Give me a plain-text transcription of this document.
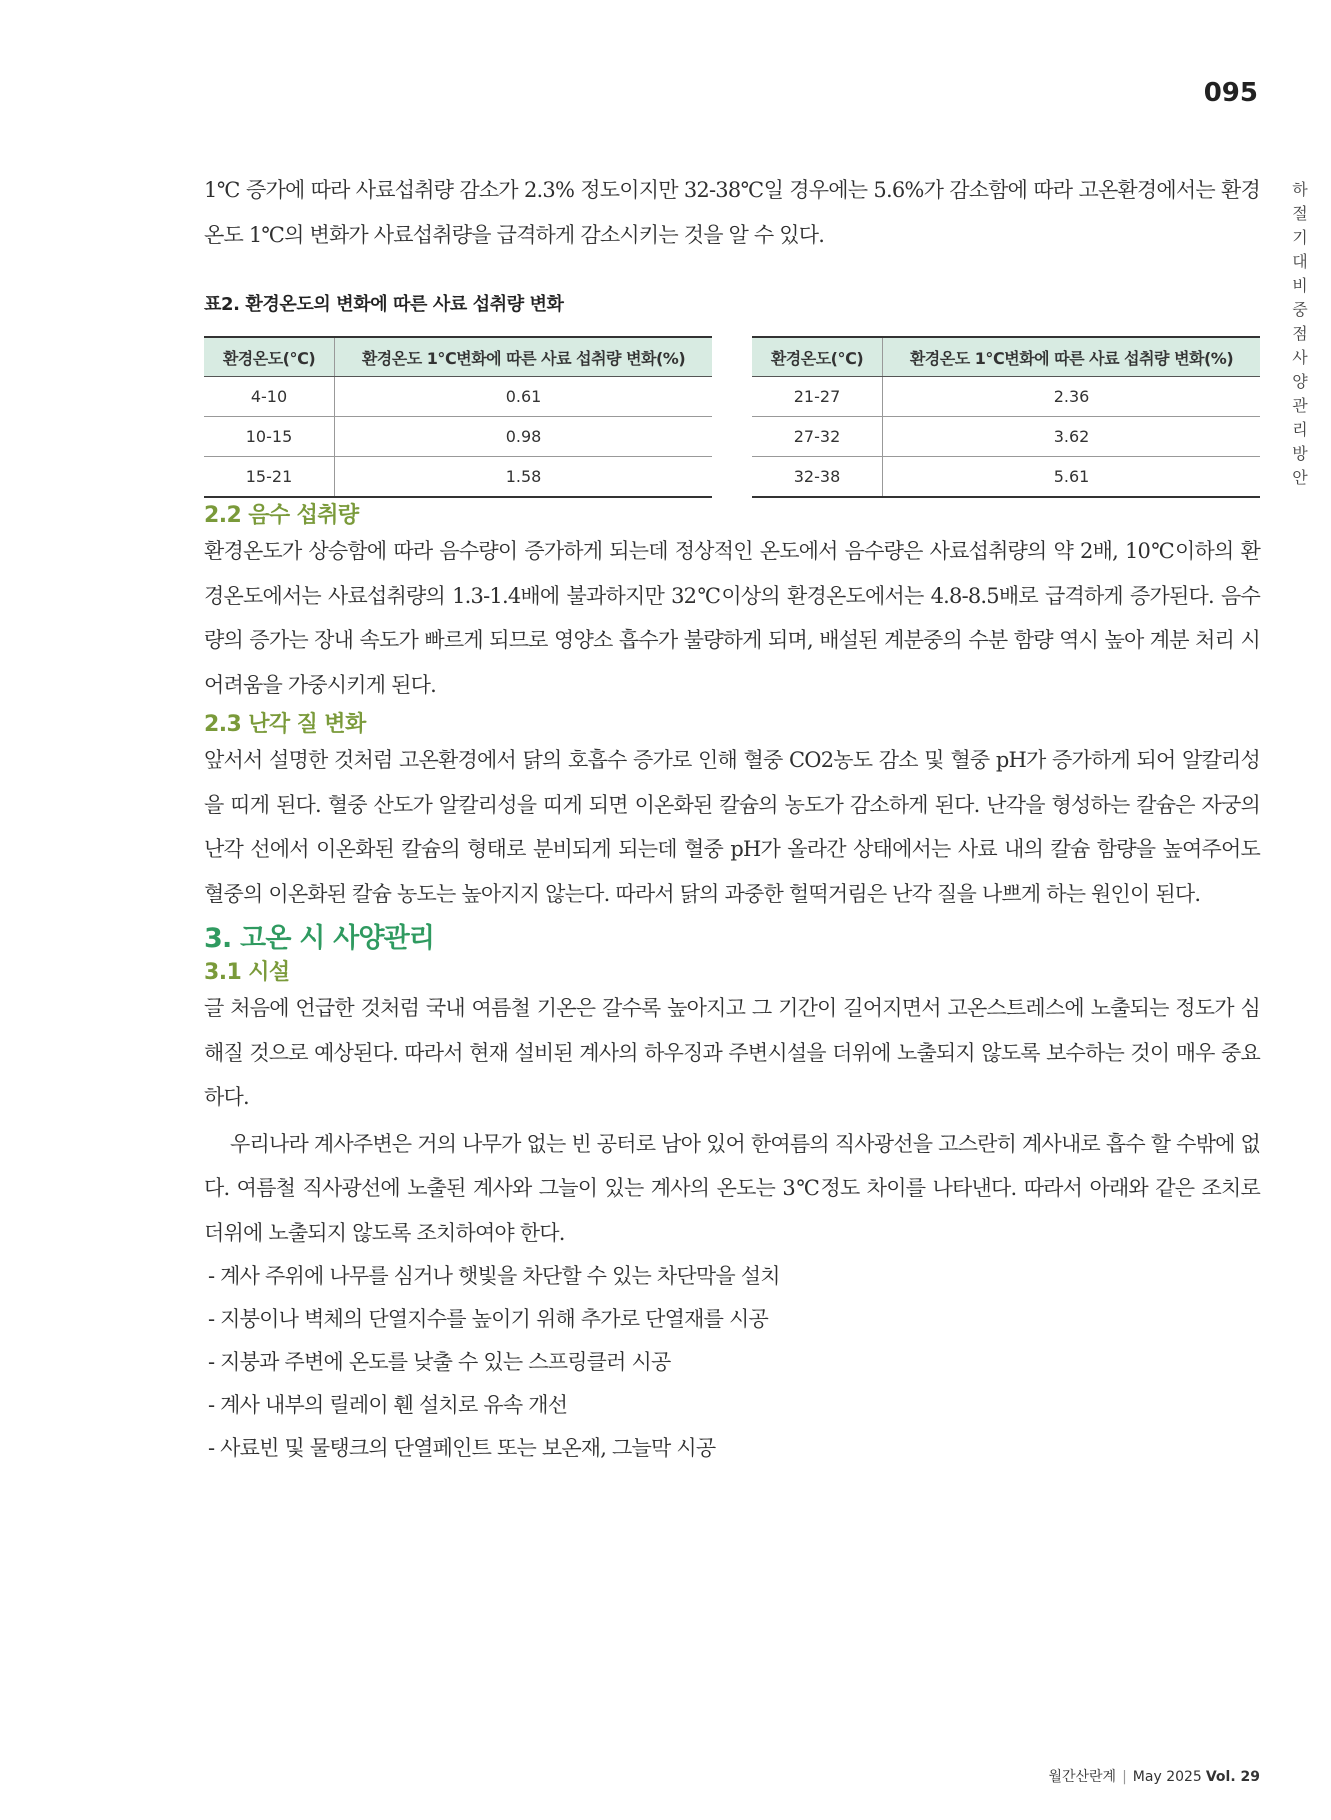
095
하절기 대비 중점 사양관리 방안

1℃ 증가에 따라 사료섭취량 감소가 2.3% 정도이지만 32-38℃일 경우에는 5.6%가 감소함에 따라 고온환경에서는 환경온도 1℃의 변화가 사료섭취량을 급격하게 감소시키는 것을 알 수 있다.

표2. 환경온도의 변화에 따른 사료 섭취량 변화
환경온도(℃)	환경온도 1℃변화에 따른 사료 섭취량 변화(%)
4-10	0.61
10-15	0.98
15-21	1.58
환경온도(℃)	환경온도 1℃변화에 따른 사료 섭취량 변화(%)
21-27	2.36
27-32	3.62
32-38	5.61
2.2 음수 섭취량

환경온도가 상승함에 따라 음수량이 증가하게 되는데 정상적인 온도에서 음수량은 사료섭취량의 약 2배, 10℃이하의 환경온도에서는 사료섭취량의 1.3-1.4배에 불과하지만 32℃이상의 환경온도에서는 4.8-8.5배로 급격하게 증가된다. 음수량의 증가는 장내 속도가 빠르게 되므로 영양소 흡수가 불량하게 되며, 배설된 계분중의 수분 함량 역시 높아 계분 처리 시 어려움을 가중시키게 된다.

2.3 난각 질 변화

앞서서 설명한 것처럼 고온환경에서 닭의 호흡수 증가로 인해 혈중 CO2농도 감소 및 혈중 pH가 증가하게 되어 알칼리성을 띠게 된다. 혈중 산도가 알칼리성을 띠게 되면 이온화된 칼슘의 농도가 감소하게 된다. 난각을 형성하는 칼슘은 자궁의 난각 선에서 이온화된 칼슘의 형태로 분비되게 되는데 혈중 pH가 올라간 상태에서는 사료 내의 칼슘 함량을 높여주어도 혈중의 이온화된 칼슘 농도는 높아지지 않는다. 따라서 닭의 과중한 헐떡거림은 난각 질을 나쁘게 하는 원인이 된다.

3. 고온 시 사양관리
3.1 시설

글 처음에 언급한 것처럼 국내 여름철 기온은 갈수록 높아지고 그 기간이 길어지면서 고온스트레스에 노출되는 정도가 심해질 것으로 예상된다. 따라서 현재 설비된 계사의 하우징과 주변시설을 더위에 노출되지 않도록 보수하는 것이 매우 중요하다.

우리나라 계사주변은 거의 나무가 없는 빈 공터로 남아 있어 한여름의 직사광선을 고스란히 계사내로 흡수 할 수밖에 없다. 여름철 직사광선에 노출된 계사와 그늘이 있는 계사의 온도는 3℃정도 차이를 나타낸다. 따라서 아래와 같은 조치로 더위에 노출되지 않도록 조치하여야 한다.

- 계사 주위에 나무를 심거나 햇빛을 차단할 수 있는 차단막을 설치
- 지붕이나 벽체의 단열지수를 높이기 위해 추가로 단열재를 시공
- 지붕과 주변에 온도를 낮출 수 있는 스프링클러 시공
- 계사 내부의 릴레이 휀 설치로 유속 개선
- 사료빈 및 물탱크의 단열페인트 또는 보온재, 그늘막 시공
월간산란계 | May 2025 Vol. 29
